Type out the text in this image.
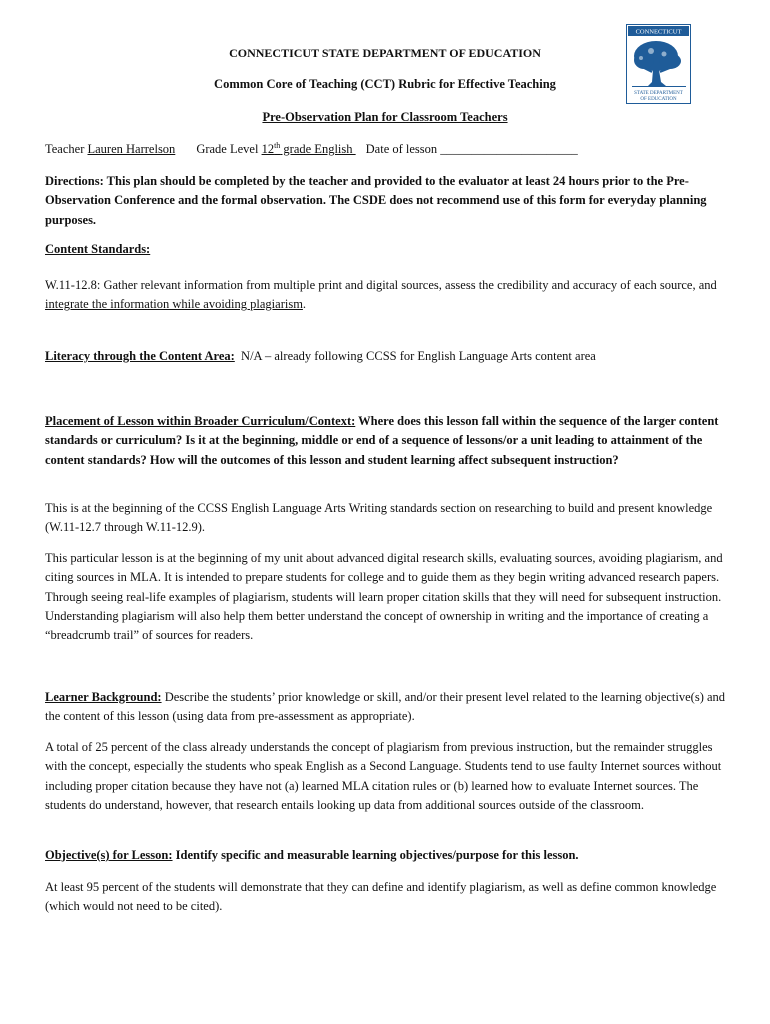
CONNECTICUT
STATE DEPARTMENT
OF EDUCATION
CONNECTICUT STATE DEPARTMENT OF EDUCATION
Common Core of Teaching (CCT) Rubric for Effective Teaching
Pre-Observation Plan for Classroom Teachers
Teacher Lauren Harrelson Grade Level 12th grade English Date of lesson ______________________
Directions: This plan should be completed by the teacher and provided to the evaluator at least 24 hours prior to the Pre-Observation Conference and the formal observation. The CSDE does not recommend use of this form for everyday planning purposes.
Content Standards:
W.11-12.8: Gather relevant information from multiple print and digital sources, assess the credibility and accuracy of each source, and integrate the information while avoiding plagiarism.
Literacy through the Content Area:  N/A – already following CCSS for English Language Arts content area
Placement of Lesson within Broader Curriculum/Context: Where does this lesson fall within the sequence of the larger content standards or curriculum? Is it at the beginning, middle or end of a sequence of lessons/or a unit leading to attainment of the content standards? How will the outcomes of this lesson and student learning affect subsequent instruction?
This is at the beginning of the CCSS English Language Arts Writing standards section on researching to build and present knowledge (W.11-12.7 through W.11-12.9).
This particular lesson is at the beginning of my unit about advanced digital research skills, evaluating sources, avoiding plagiarism, and citing sources in MLA. It is intended to prepare students for college and to guide them as they begin writing advanced research papers. Through seeing real-life examples of plagiarism, students will learn proper citation skills that they will need for subsequent instruction. Understanding plagiarism will also help them better understand the concept of ownership in writing and the importance of creating a “breadcrumb trail” of sources for readers.
Learner Background: Describe the students’ prior knowledge or skill, and/or their present level related to the learning objective(s) and the content of this lesson (using data from pre-assessment as appropriate).
A total of 25 percent of the class already understands the concept of plagiarism from previous instruction, but the remainder struggles with the concept, especially the students who speak English as a Second Language. Students tend to use faulty Internet sources without including proper citation because they have not (a) learned MLA citation rules or (b) learned how to evaluate Internet sources. The students do understand, however, that research entails looking up data from additional sources outside of the classroom.
Objective(s) for Lesson: Identify specific and measurable learning objectives/purpose for this lesson.
At least 95 percent of the students will demonstrate that they can define and identify plagiarism, as well as define common knowledge (which would not need to be cited).
